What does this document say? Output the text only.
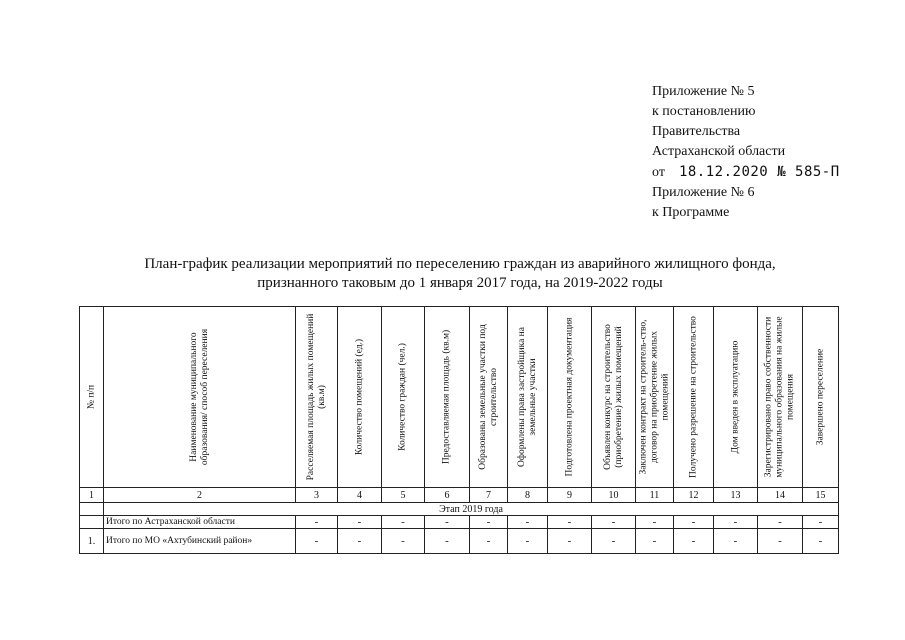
Приложение № 5
к постановлению
Правительства
Астраханской области
от 18.12.2020 № 585-П
Приложение № 6
к Программе
План-график реализации мероприятий по переселению граждан из аварийного жилищного фонда,
признанного таковым до 1 января 2017 года, на 2019-2022 годы
№ п/п	Наименование муниципального образования/ способ переселения	Расселяемая площадь жилых помещений (кв.м)	Количество помещений (ед.)	Количество граждан (чел.)	Предоставляемая площадь (кв.м)	Образованы земельные участки под строительство	Оформлены права застройщика на земельные участки	Подготовлена проектная документация	Объявлен конкурс на строительство (приобретение) жилых помещений	Заключен контракт на строитель-ство, договор на приобретение жилых помещений	Получено разрешение на строительство	Дом введен в эксплуатацию	Зарегистрировано право собственности муниципального образования на жилые помещения	Завершено переселение

1	2	3	4	5	6	7	8	9	10	11	12	13	14	15
	Этап 2019 года													
	Итого по Астраханской области	-	-	-	-	-	-	-	-	-	-	-	-	-
1.	Итого по МО «Ахтубинский район»	-	-	-	-	-	-	-	-	-	-	-	-	-
